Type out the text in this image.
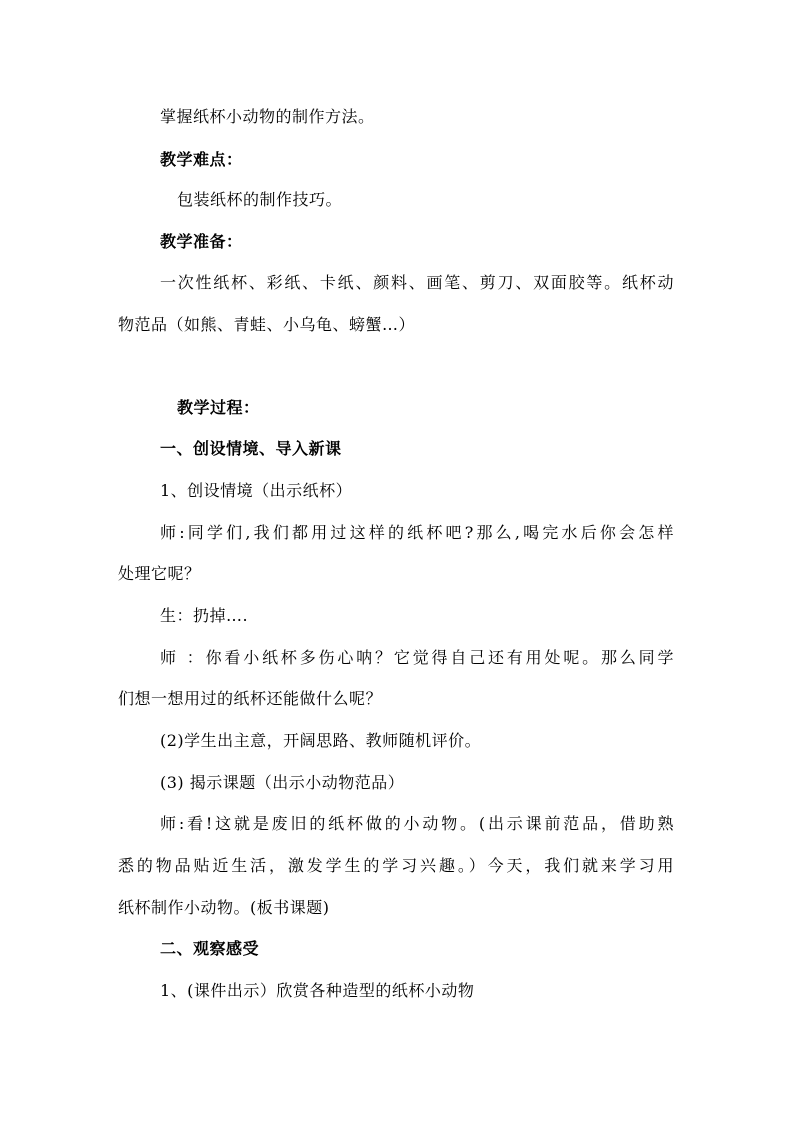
掌握纸杯小动物的制作方法。
教学难点：
包装纸杯的制作技巧。
教学准备：
一次性纸杯、彩纸、卡纸、颜料、画笔、剪刀、双面胶等。纸杯动
物范品（如熊、青蛙、小乌龟、螃蟹…）
教学过程：
一、创设情境、导入新课
1、创设情境（出示纸杯）
师:同学们,我们都用过这样的纸杯吧?那么,喝完水后你会怎样
处理它呢？
生：扔掉….
师 ：你看小纸杯多伤心呐？它觉得自己还有用处呢。那么同学
们想一想用过的纸杯还能做什么呢？
(2)学生出主意，开阔思路、教师随机评价。
(3) 揭示课题（出示小动物范品）
师:看!这就是废旧的纸杯做的小动物。(出示课前范品，借助熟
悉的物品贴近生活，激发学生的学习兴趣。）今天，我们就来学习用
纸杯制作小动物。(板书课题)
二、观察感受
1、(课件出示）欣赏各种造型的纸杯小动物
